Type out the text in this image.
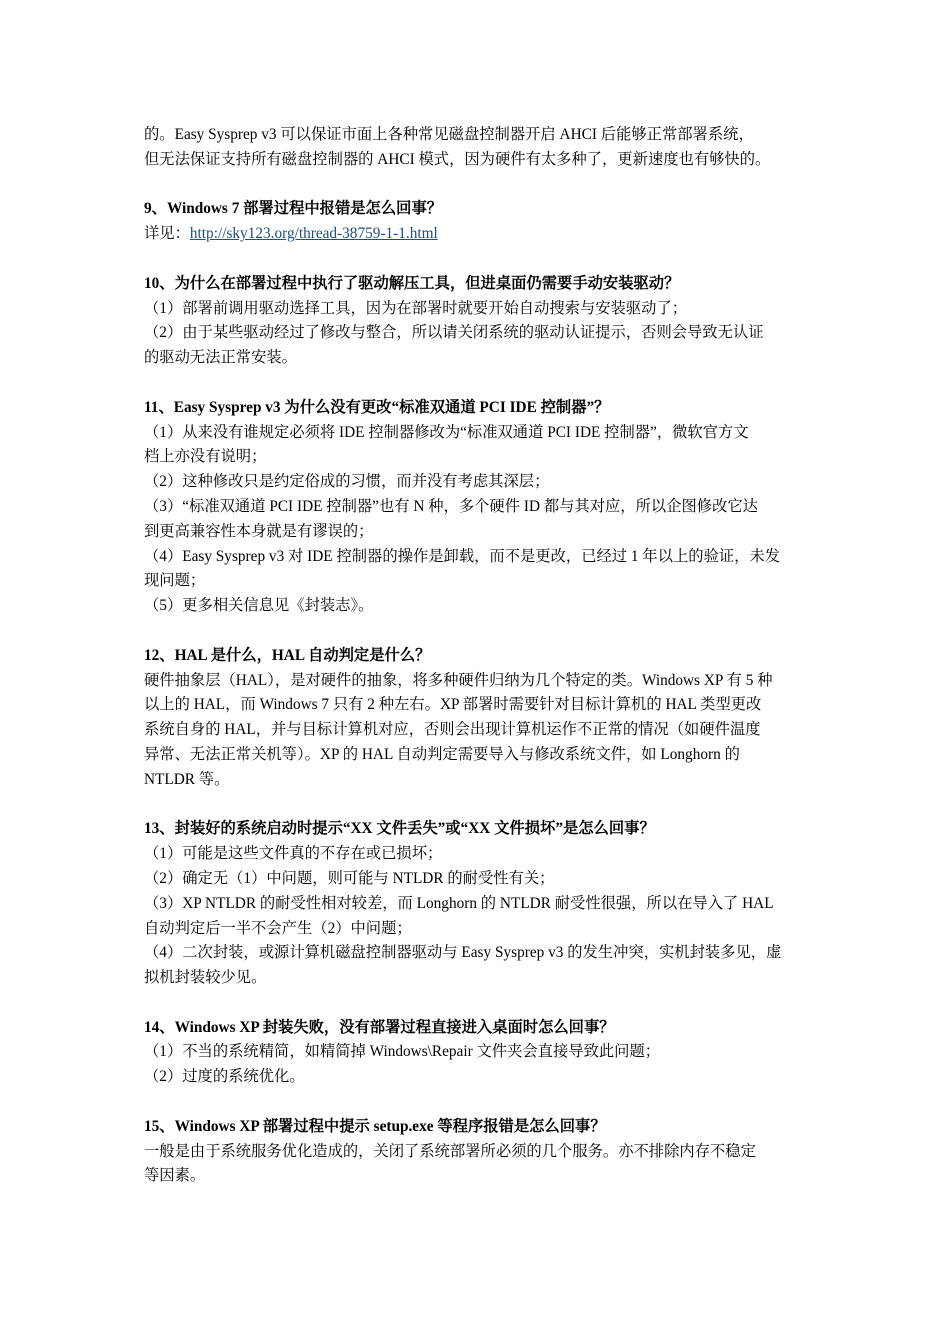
的。Easy Sysprep v3 可以保证市面上各种常见磁盘控制器开启 AHCI 后能够正常部署系统，

但无法保证支持所有磁盘控制器的 AHCI 模式，因为硬件有太多种了，更新速度也有够快的。

9、Windows 7 部署过程中报错是怎么回事？

详见：http://sky123.org/thread-38759-1-1.html

10、为什么在部署过程中执行了驱动解压工具，但进桌面仍需要手动安装驱动？

（1）部署前调用驱动选择工具，因为在部署时就要开始自动搜索与安装驱动了；

（2）由于某些驱动经过了修改与整合，所以请关闭系统的驱动认证提示，否则会导致无认证

的驱动无法正常安装。

11、Easy Sysprep v3 为什么没有更改“标准双通道 PCI IDE 控制器”？

（1）从来没有谁规定必须将 IDE 控制器修改为“标准双通道 PCI IDE 控制器”，微软官方文

档上亦没有说明；

（2）这种修改只是约定俗成的习惯，而并没有考虑其深层；

（3）“标准双通道 PCI IDE 控制器”也有 N 种，多个硬件 ID 都与其对应，所以企图修改它达

到更高兼容性本身就是有谬误的；

（4）Easy Sysprep v3 对 IDE 控制器的操作是卸载，而不是更改，已经过 1 年以上的验证，未发

现问题；

（5）更多相关信息见《封装志》。

12、HAL 是什么，HAL 自动判定是什么？

硬件抽象层（HAL），是对硬件的抽象，将多种硬件归纳为几个特定的类。Windows XP 有 5 种

以上的 HAL，而 Windows 7 只有 2 种左右。XP 部署时需要针对目标计算机的 HAL 类型更改

系统自身的 HAL，并与目标计算机对应，否则会出现计算机运作不正常的情况（如硬件温度

异常、无法正常关机等）。XP 的 HAL 自动判定需要导入与修改系统文件，如 Longhorn 的

NTLDR 等。

13、封装好的系统启动时提示“XX 文件丢失”或“XX 文件损坏”是怎么回事？

（1）可能是这些文件真的不存在或已损坏；

（2）确定无（1）中问题，则可能与 NTLDR 的耐受性有关；

（3）XP NTLDR 的耐受性相对较差，而 Longhorn 的 NTLDR 耐受性很强，所以在导入了 HAL

自动判定后一半不会产生（2）中问题；

（4）二次封装，或源计算机磁盘控制器驱动与 Easy Sysprep v3 的发生冲突，实机封装多见，虚

拟机封装较少见。

14、Windows XP 封装失败，没有部署过程直接进入桌面时怎么回事？

（1）不当的系统精简，如精简掉 Windows\Repair 文件夹会直接导致此问题；

（2）过度的系统优化。

15、Windows XP 部署过程中提示 setup.exe 等程序报错是怎么回事？

一般是由于系统服务优化造成的，关闭了系统部署所必须的几个服务。亦不排除内存不稳定

等因素。
